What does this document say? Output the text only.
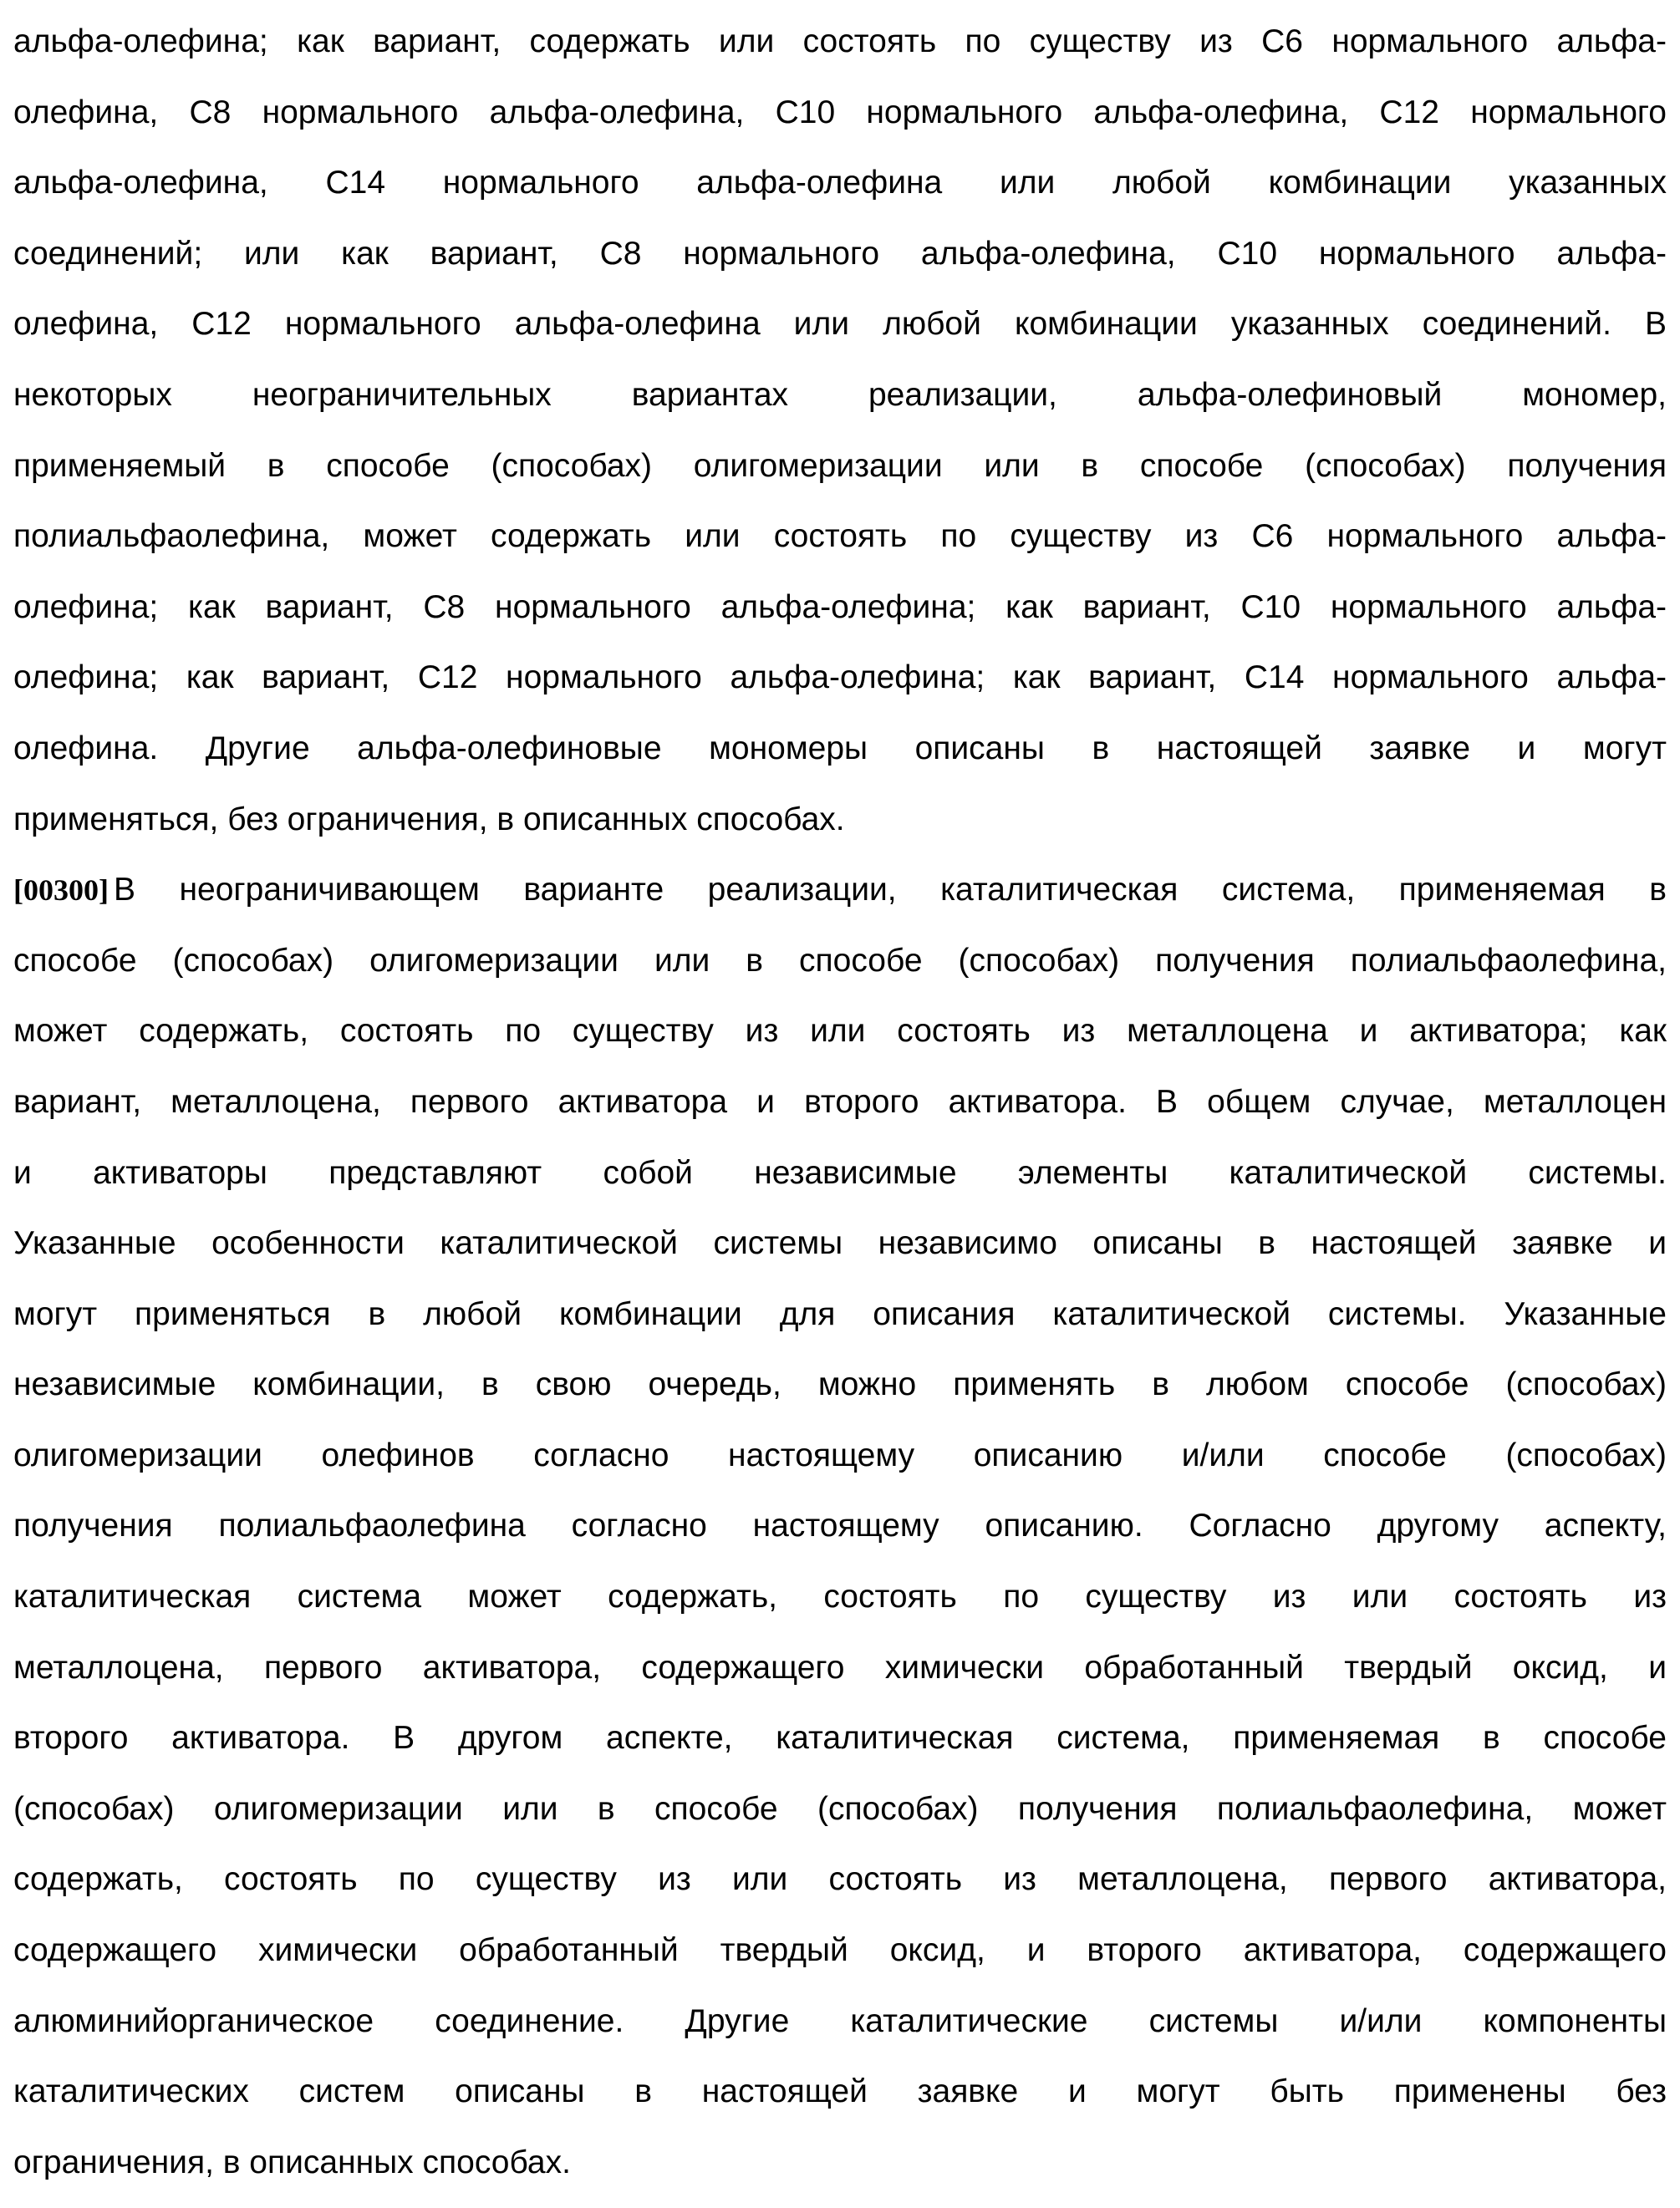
альфа-олефина; как вариант, содержать или состоять по существу из C6 нормального альфа-
олефина, C8 нормального альфа-олефина, C10 нормального альфа-олефина, C12 нормального
альфа-олефина, C14 нормального альфа-олефина или любой комбинации указанных
соединений; или как вариант, C8 нормального альфа-олефина, C10 нормального альфа-
олефина, C12 нормального альфа-олефина или любой комбинации указанных соединений. В
некоторых неограничительных вариантах реализации, альфа-олефиновый мономер,
применяемый в способе (способах) олигомеризации или в способе (способах) получения
полиальфаолефина, может содержать или состоять по существу из C6 нормального альфа-
олефина; как вариант, C8 нормального альфа-олефина; как вариант, C10 нормального альфа-
олефина; как вариант, C12 нормального альфа-олефина; как вариант, C14 нормального альфа-
олефина. Другие альфа-олефиновые мономеры описаны в настоящей заявке и могут
применяться, без ограничения, в описанных способах.
[00300] В неограничивающем варианте реализации, каталитическая система, применяемая в
способе (способах) олигомеризации или в способе (способах) получения полиальфаолефина,
может содержать, состоять по существу из или состоять из металлоцена и активатора; как
вариант, металлоцена, первого активатора и второго активатора. В общем случае, металлоцен
и активаторы представляют собой независимые элементы каталитической системы.
Указанные особенности каталитической системы независимо описаны в настоящей заявке и
могут применяться в любой комбинации для описания каталитической системы. Указанные
независимые комбинации, в свою очередь, можно применять в любом способе (способах)
олигомеризации олефинов согласно настоящему описанию и/или способе (способах)
получения полиальфаолефина согласно настоящему описанию. Согласно другому аспекту,
каталитическая система может содержать, состоять по существу из или состоять из
металлоцена, первого активатора, содержащего химически обработанный твердый оксид, и
второго активатора. В другом аспекте, каталитическая система, применяемая в способе
(способах) олигомеризации или в способе (способах) получения полиальфаолефина, может
содержать, состоять по существу из или состоять из металлоцена, первого активатора,
содержащего химически обработанный твердый оксид, и второго активатора, содержащего
алюминийорганическое соединение. Другие каталитические системы и/или компоненты
каталитических систем описаны в настоящей заявке и могут быть применены без
ограничения, в описанных способах.
